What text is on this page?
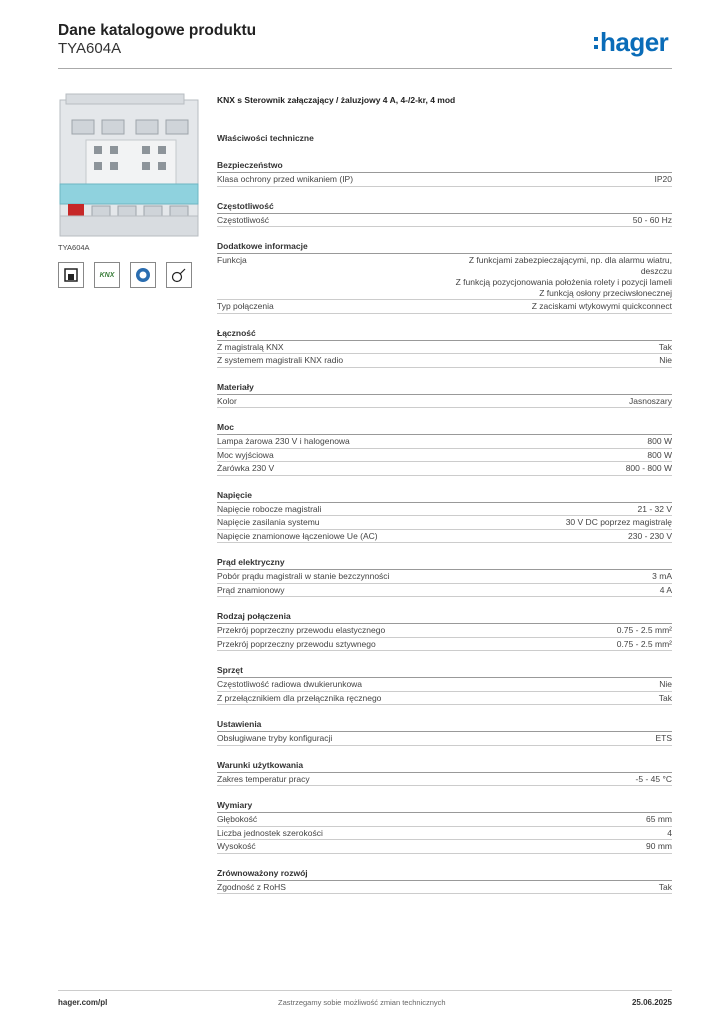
Dane katalogowe produktu
TYA604A	hager
TYA604A
KNX
KNX s Sterownik załączający / żaluzjowy 4 A, 4-/2-kr, 4 mod
Właściwości techniczne
Bezpieczeństwo
Klasa ochrony przed wnikaniem (IP)	IP20
Częstotliwość
Częstotliwość	50 - 60 Hz
Dodatkowe informacje
Funkcja	Z funkcjami zabezpieczającymi, np. dla alarmu wiatru,
deszczu
Z funkcją pozycjonowania położenia rolety i pozycji lameli
Z funkcją osłony przeciwsłonecznej
Typ połączenia	Z zaciskami wtykowymi quickconnect
Łączność
Z magistralą KNX	Tak
Z systemem magistrali KNX radio	Nie
Materiały
Kolor	Jasnoszary
Moc
Lampa żarowa 230 V i halogenowa	800 W
Moc wyjściowa	800 W
Żarówka 230 V	800 - 800 W
Napięcie
Napięcie robocze magistrali	21 - 32 V
Napięcie zasilania systemu	30 V DC poprzez magistralę
Napięcie znamionowe łączeniowe Ue (AC)	230 - 230 V
Prąd elektryczny
Pobór prądu magistrali w stanie bezczynności	3 mA
Prąd znamionowy	4 A
Rodzaj połączenia
Przekrój poprzeczny przewodu elastycznego	0.75 - 2.5 mm²
Przekrój poprzeczny przewodu sztywnego	0.75 - 2.5 mm²
Sprzęt
Częstotliwość radiowa dwukierunkowa	Nie
Z przełącznikiem dla przełącznika ręcznego	Tak
Ustawienia
Obsługiwane tryby konfiguracji	ETS
Warunki użytkowania
Zakres temperatur pracy	-5 - 45 °C
Wymiary
Głębokość	65 mm
Liczba jednostek szerokości	4
Wysokość	90 mm
Zrównoważony rozwój
Zgodność z RoHS	Tak
hager.com/pl	Zastrzegamy sobie możliwość zmian technicznych	25.06.2025
